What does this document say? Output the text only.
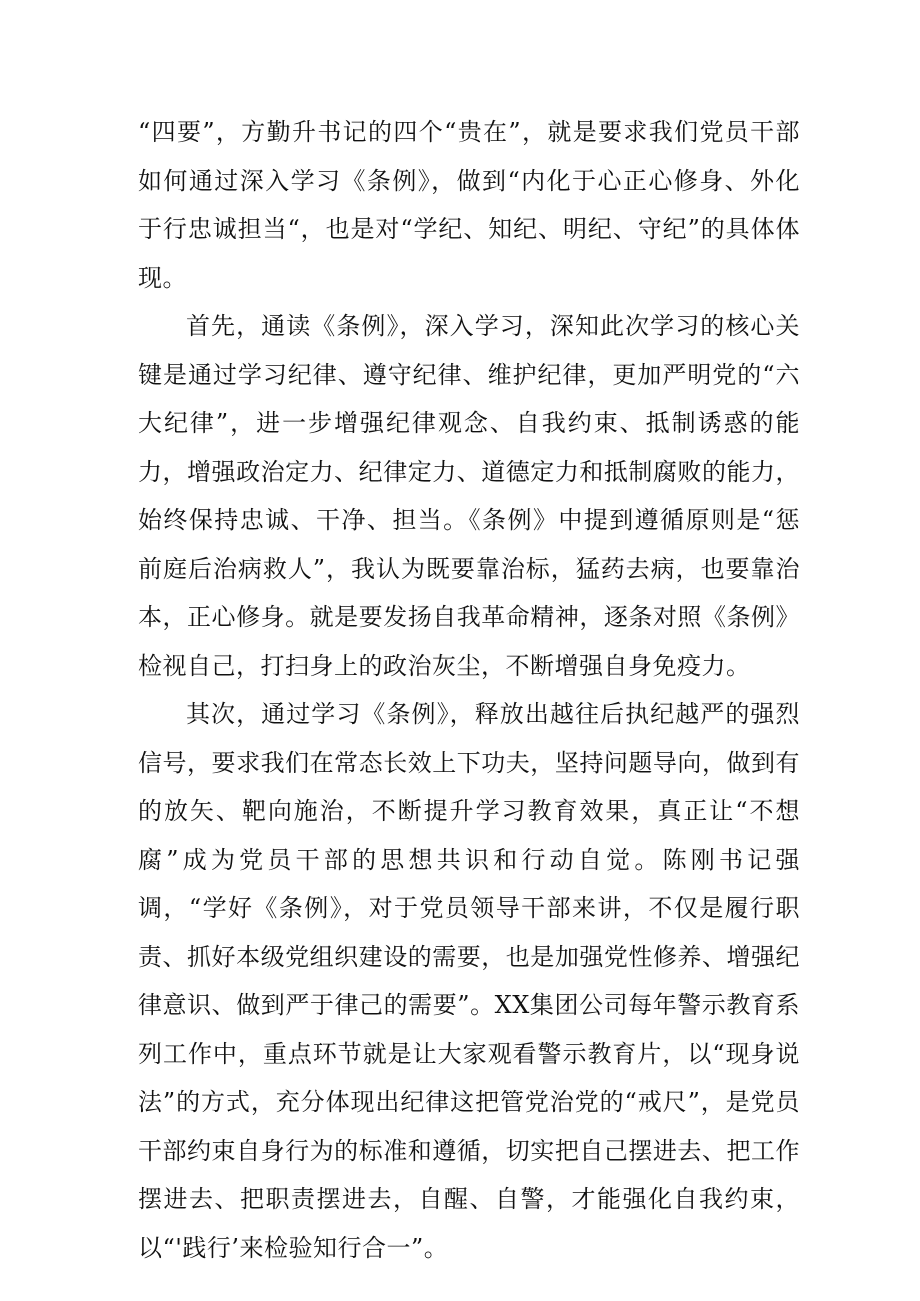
“四要”，方勤升书记的四个“贵在”，就是要求我们党员干部如何通过深入学习《条例》，做到“内化于心正心修身、外化于行忠诚担当“，也是对“学纪、知纪、明纪、守纪”的具体体现。

首先，通读《条例》，深入学习，深知此次学习的核心关键是通过学习纪律、遵守纪律、维护纪律，更加严明党的“六大纪律”，进一步增强纪律观念、自我约束、抵制诱惑的能力，增强政治定力、纪律定力、道德定力和抵制腐败的能力，始终保持忠诚、干净、担当。《条例》中提到遵循原则是“惩前庭后治病救人”，我认为既要靠治标，猛药去病，也要靠治本，正心修身。就是要发扬自我革命精神，逐条对照《条例》检视自己，打扫身上的政治灰尘，不断增强自身免疫力。

其次，通过学习《条例》，释放出越往后执纪越严的强烈信号，要求我们在常态长效上下功夫，坚持问题导向，做到有的放矢、靶向施治，不断提升学习教育效果，真正让“不想腐”成为党员干部的思想共识和行动自觉。陈刚书记强调，“学好《条例》，对于党员领导干部来讲，不仅是履行职责、抓好本级党组织建设的需要，也是加强党性修养、增强纪律意识、做到严于律己的需要”。XX集团公司每年警示教育系列工作中，重点环节就是让大家观看警示教育片，以“现身说法”的方式，充分体现出纪律这把管党治党的“戒尺”，是党员干部约束自身行为的标准和遵循，切实把自己摆进去、把工作摆进去、把职责摆进去，自醒、自警，才能强化自我约束，以“'践行’来检验知行合一”。
